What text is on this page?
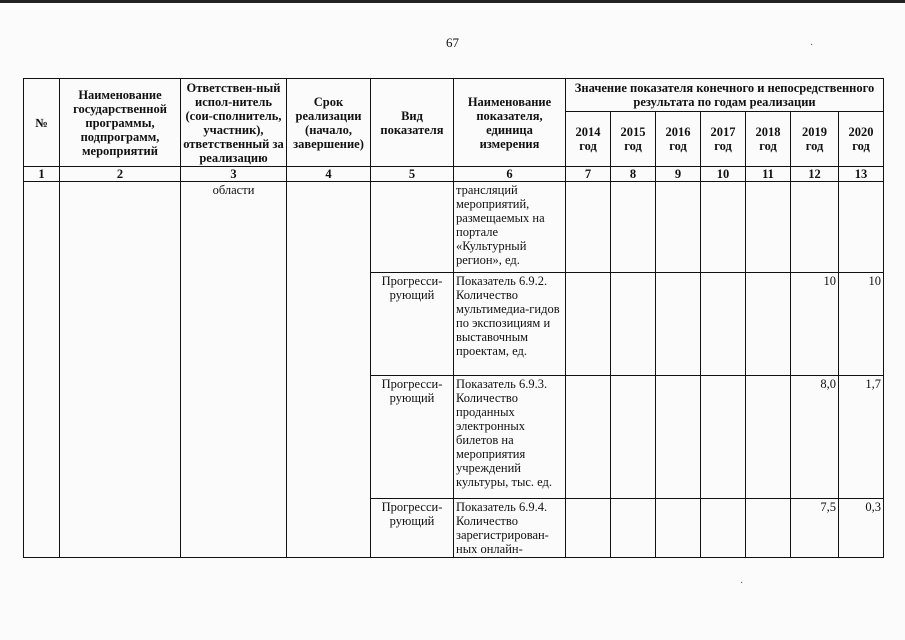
67
№	Наименование государственной программы, подпрограмм, мероприятий	Ответствен-ный испол-нитель (сои-сполнитель, участник), ответственный за реализацию	Срок реализации (начало, завершение)	Вид показателя	Наименование показателя, единица измерения	Значение показателя конечного и непосредственного результата по годам реализации						
						2014 год	2015 год	2016 год	2017 год	2018 год	2019 год	2020 год
1	2	3	4	5	6	7	8	9	10	11	12	13
		области			трансляций мероприятий, размещаемых на портале «Культурный регион», ед.							
				Прогресси-рующий	Показатель 6.9.2. Количество мультимедиа-гидов по экспозициям и выставочным проектам, ед.						10	10
				Прогресси-рующий	Показатель 6.9.3. Количество проданных электронных билетов на мероприятия учреждений культуры, тыс. ед.						8,0	1,7
				Прогресси-рующий	Показатель 6.9.4. Количество зарегистрирован-ных онлайн-						7,5	0,3
·
·
